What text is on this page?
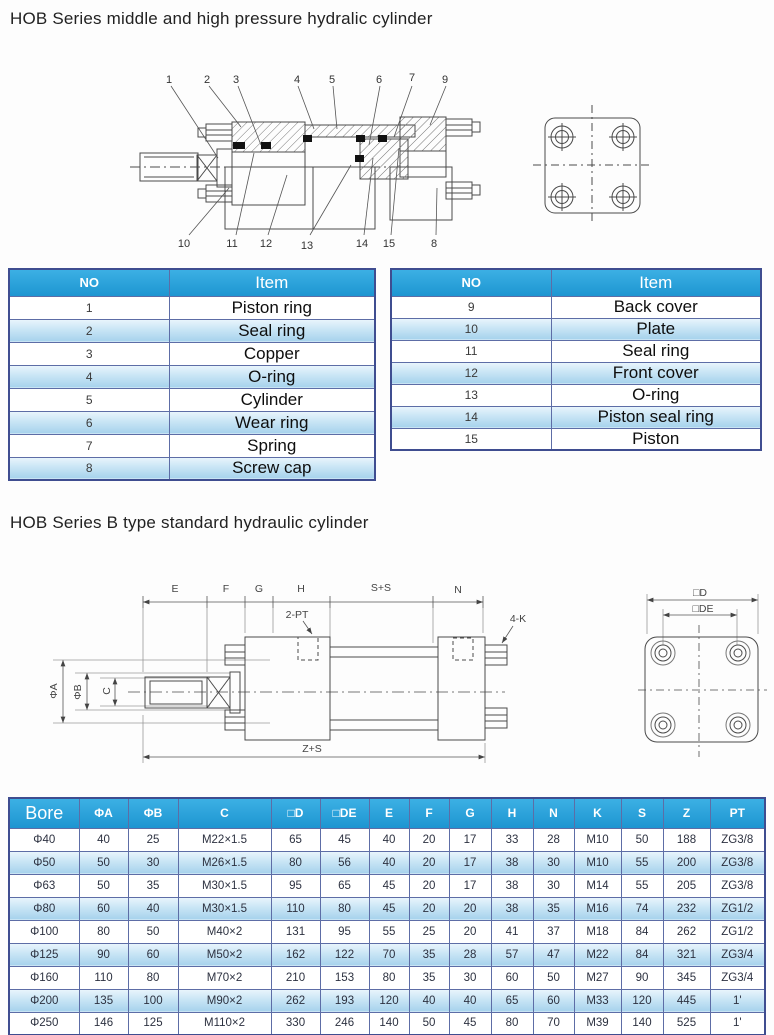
HOB Series middle and high pressure hydralic cylinder
1	2 3	4	5	6 7 9
10	11 12	13	14 15	8
NO	Item
1	Piston ring
2	Seal ring
3	Copper
4	O-ring
5	Cylinder
6	Wear ring
7	Spring
8	Screw cap
NO	Item
9	Back cover
10	Plate
11	Seal ring
12	Front cover
13	O-ring
14	Piston seal ring
15	Piston
HOB Series B type standard hydraulic cylinder
E	F G	H	S+S	N
2-PT	4-K
ΦA ΦB C
Z+S
□D
□DE
Bore	ΦA	ΦB	C	□D	□DE	E	F	G	H	N	K	S	Z	PT
Φ40	40	25	M22×1.5	65	45	40	20	17	33	28	M10	50	188	ZG3/8
Φ50	50	30	M26×1.5	80	56	40	20	17	38	30	M10	55	200	ZG3/8
Φ63	50	35	M30×1.5	95	65	45	20	17	38	30	M14	55	205	ZG3/8
Φ80	60	40	M30×1.5	110	80	45	20	20	38	35	M16	74	232	ZG1/2
Φ100	80	50	M40×2	131	95	55	25	20	41	37	M18	84	262	ZG1/2
Φ125	90	60	M50×2	162	122	70	35	28	57	47	M22	84	321	ZG3/4
Φ160	110	80	M70×2	210	153	80	35	30	60	50	M27	90	345	ZG3/4
Φ200	135	100	M90×2	262	193	120	40	40	65	60	M33	120	445	1'
Φ250	146	125	M110×2	330	246	140	50	45	80	70	M39	140	525	1'
